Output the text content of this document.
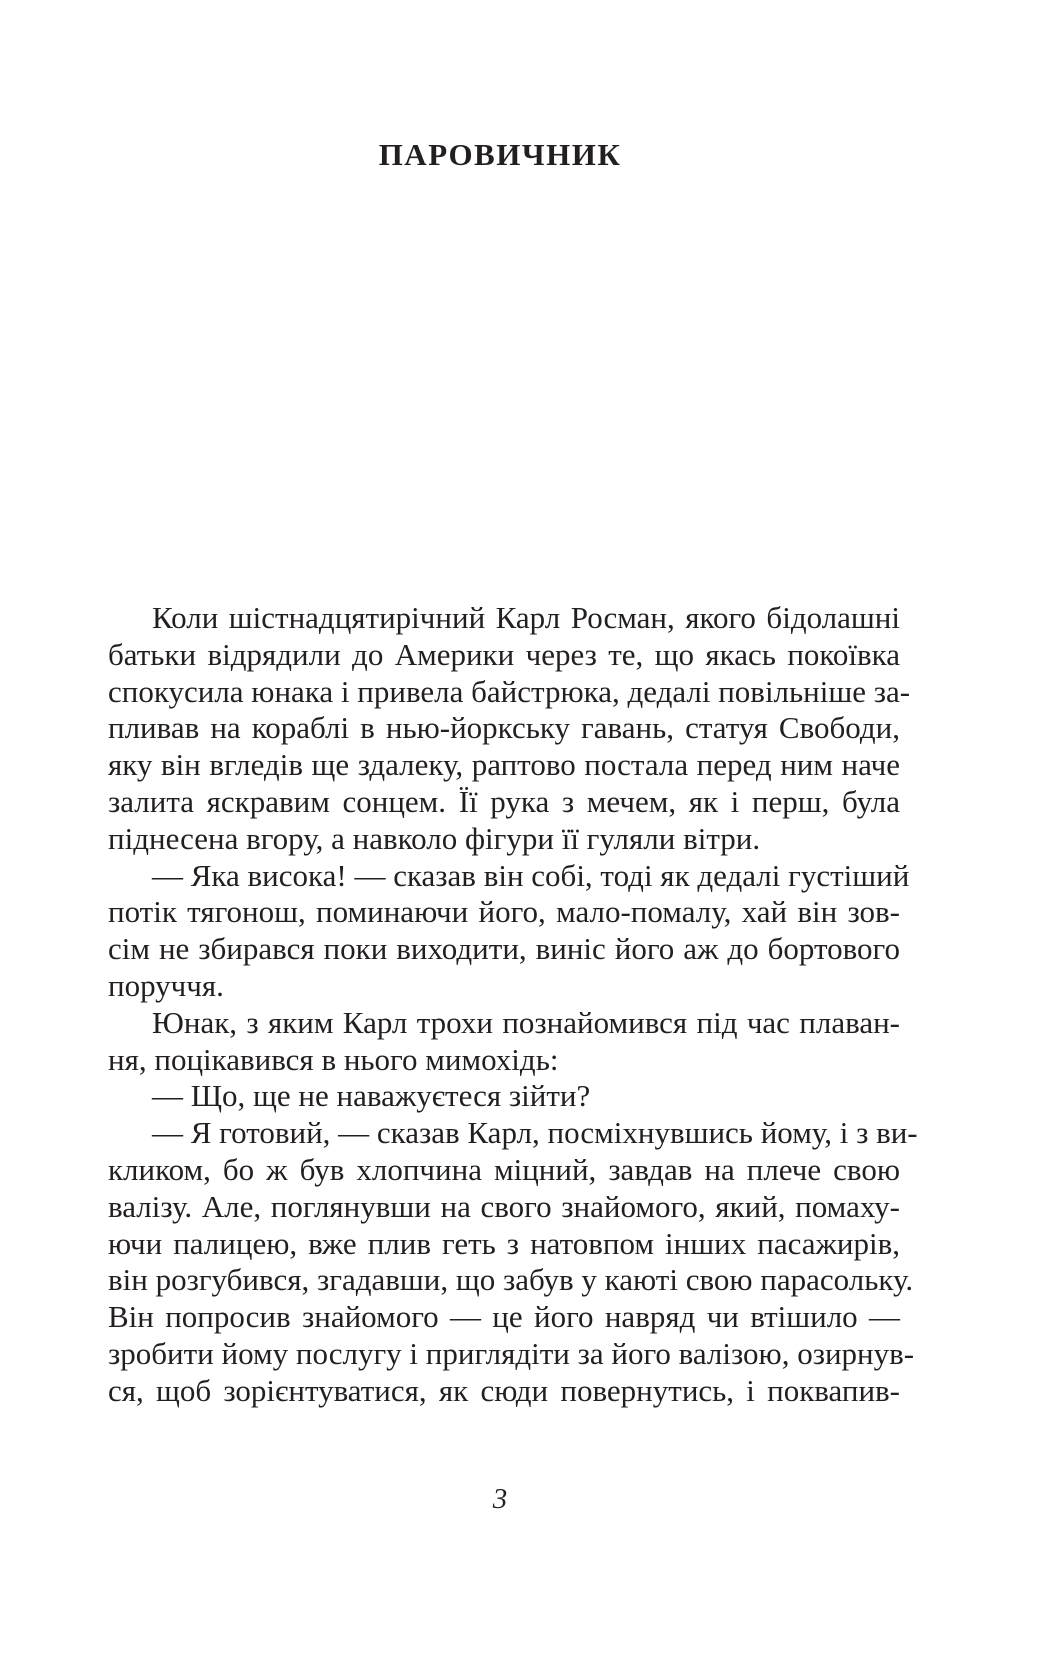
ПАРОВИЧНИК
Коли шістнадцятирічний Карл Росман, якого бідолашні
батьки відрядили до Америки через те, що якась покоївка
спокусила юнака і привела байстрюка, дедалі повільніше за-
пливав на кораблі в нью-йоркську гавань, статуя Свободи,
яку він вгледів ще здалеку, раптово постала перед ним наче
залита яскравим сонцем. Її рука з мечем, як і перш, була
піднесена вгору, а навколо фігури її гуляли вітри.
— Яка висока! — сказав він собі, тоді як дедалі густіший
потік тягонош, поминаючи його, мало-помалу, хай він зов-
сім не збирався поки виходити, виніс його аж до бортового
поруччя.
Юнак, з яким Карл трохи познайомився під час плаван-
ня, поцікавився в нього мимохідь:
— Що, ще не наважуєтеся зійти?
— Я готовий, — сказав Карл, посміхнувшись йому, і з ви-
кликом, бо ж був хлопчина міцний, завдав на плече свою
валізу. Але, поглянувши на свого знайомого, який, помаху-
ючи палицею, вже плив геть з натовпом інших пасажирів,
він розгубився, згадавши, що забув у каюті свою парасольку.
Він попросив знайомого — це його навряд чи втішило —
зробити йому послугу і приглядіти за його валізою, озирнув-
ся, щоб зорієнтуватися, як сюди повернутись, і поквапив-
3
